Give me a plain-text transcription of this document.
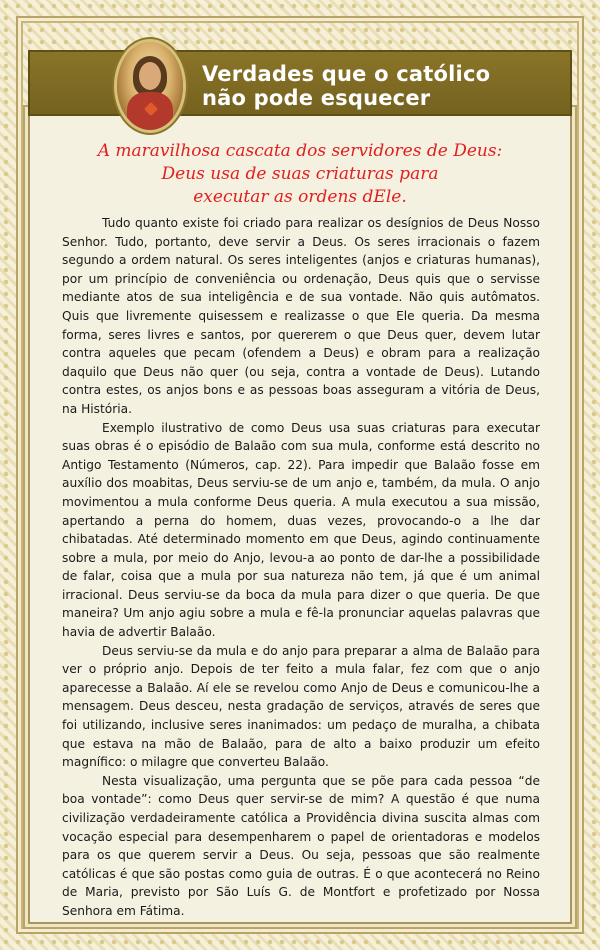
Verdades que o católico
não pode esquecer
A maravilhosa cascata dos servidores de Deus:
Deus usa de suas criaturas para
executar as ordens dEle.

Tudo quanto existe foi criado para realizar os desígnios de Deus Nosso Senhor. Tudo, portanto, deve servir a Deus. Os seres irracionais o fazem segundo a ordem natural. Os seres inteligentes (anjos e criaturas humanas), por um princípio de conveniência ou ordenação, Deus quis que o servisse mediante atos de sua inteligência e de sua vontade. Não quis autômatos. Quis que livremente quisessem e realizasse o que Ele queria. Da mesma forma, seres livres e santos, por quererem o que Deus quer, devem lutar contra aqueles que pecam (ofendem a Deus) e obram para a realização daquilo que Deus não quer (ou seja, contra a vontade de Deus). Lutando contra estes, os anjos bons e as pessoas boas asseguram a vitória de Deus, na História.

Exemplo ilustrativo de como Deus usa suas criaturas para executar suas obras é o episódio de Balaão com sua mula, conforme está descrito no Antigo Testamento (Números, cap. 22). Para impedir que Balaão fosse em auxílio dos moabitas, Deus serviu-se de um anjo e, também, da mula. O anjo movimentou a mula conforme Deus queria. A mula executou a sua missão, apertando a perna do homem, duas vezes, provocando-o a lhe dar chibatadas. Até determinado momento em que Deus, agindo continuamente sobre a mula, por meio do Anjo, levou-a ao ponto de dar-lhe a possibilidade de falar, coisa que a mula por sua natureza não tem, já que é um animal irracional. Deus serviu-se da boca da mula para dizer o que queria. De que maneira? Um anjo agiu sobre a mula e fê-la pronunciar aquelas palavras que havia de advertir Balaão.

Deus serviu-se da mula e do anjo para preparar a alma de Balaão para ver o próprio anjo. Depois de ter feito a mula falar, fez com que o anjo aparecesse a Balaão. Aí ele se revelou como Anjo de Deus e comunicou-lhe a mensagem. Deus desceu, nesta gradação de serviços, através de seres que foi utilizando, inclusive seres inanimados: um pedaço de muralha, a chibata que estava na mão de Balaão, para de alto a baixo produzir um efeito magnífico: o milagre que converteu Balaão.

Nesta visualização, uma pergunta que se põe para cada pessoa “de boa vontade”: como Deus quer servir-se de mim? A questão é que numa civilização verdadeiramente católica a Providência divina suscita almas com vocação especial para desempenharem o papel de orientadoras e modelos para os que querem servir a Deus. Ou seja, pessoas que são realmente católicas é que são postas como guia de outras. É o que acontecerá no Reino de Maria, previsto por São Luís G. de Montfort e profetizado por Nossa Senhora em Fátima.
